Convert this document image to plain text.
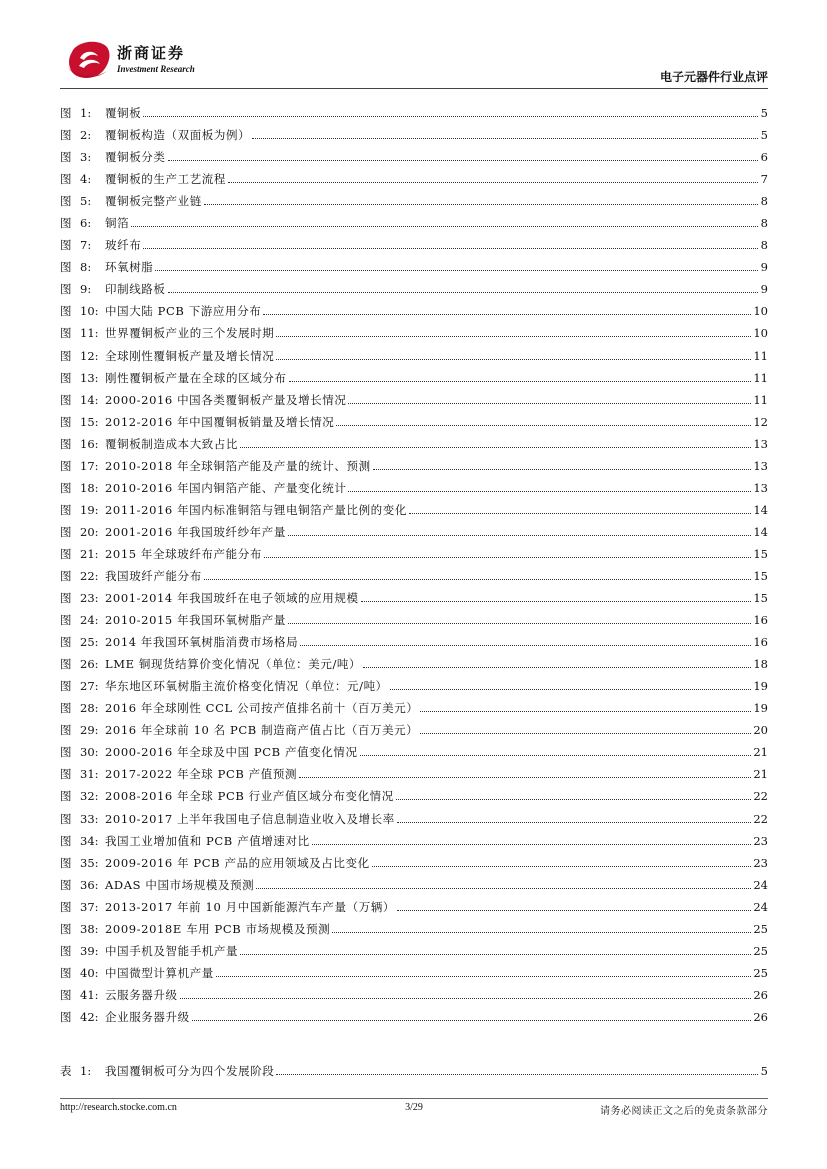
浙商证券
Investment Research
电子元器件行业点评
图 1:	覆铜板	5
图 2:	覆铜板构造（双面板为例）	5
图 3:	覆铜板分类	6
图 4:	覆铜板的生产工艺流程	7
图 5:	覆铜板完整产业链	8
图 6:	铜箔	8
图 7:	玻纤布	8
图 8:	环氧树脂	9
图 9:	印制线路板	9
图 10: 中国大陆 PCB 下游应用分布	10
图 11: 世界覆铜板产业的三个发展时期	10
图 12: 全球刚性覆铜板产量及增长情况	11
图 13: 刚性覆铜板产量在全球的区域分布	11
图 14: 2000-2016 中国各类覆铜板产量及增长情况	11
图 15: 2012-2016 年中国覆铜板销量及增长情况	12
图 16: 覆铜板制造成本大致占比	13
图 17: 2010-2018 年全球铜箔产能及产量的统计、预测	13
图 18: 2010-2016 年国内铜箔产能、产量变化统计	13
图 19: 2011-2016 年国内标准铜箔与锂电铜箔产量比例的变化	14
图 20: 2001-2016 年我国玻纤纱年产量	14
图 21: 2015 年全球玻纤布产能分布	15
图 22: 我国玻纤产能分布	15
图 23: 2001-2014 年我国玻纤在电子领域的应用规模	15
图 24: 2010-2015 年我国环氧树脂产量	16
图 25: 2014 年我国环氧树脂消费市场格局	16
图 26: LME 铜现货结算价变化情况（单位：美元/吨）	18
图 27: 华东地区环氧树脂主流价格变化情况（单位：元/吨）	19
图 28: 2016 年全球刚性 CCL 公司按产值排名前十（百万美元）	19
图 29: 2016 年全球前 10 名 PCB 制造商产值占比（百万美元）	20
图 30: 2000-2016 年全球及中国 PCB 产值变化情况	21
图 31: 2017-2022 年全球 PCB 产值预测	21
图 32: 2008-2016 年全球 PCB 行业产值区域分布变化情况	22
图 33: 2010-2017 上半年我国电子信息制造业收入及增长率	22
图 34: 我国工业增加值和 PCB 产值增速对比	23
图 35: 2009-2016 年 PCB 产品的应用领域及占比变化	23
图 36: ADAS 中国市场规模及预测	24
图 37: 2013-2017 年前 10 月中国新能源汽车产量（万辆）	24
图 38: 2009-2018E 车用 PCB 市场规模及预测	25
图 39: 中国手机及智能手机产量	25
图 40: 中国微型计算机产量	25
图 41: 云服务器升级	26
图 42: 企业服务器升级	26
表 1:	我国覆铜板可分为四个发展阶段	5
http://research.stocke.com.cn	3/29	请务必阅读正文之后的免责条款部分
